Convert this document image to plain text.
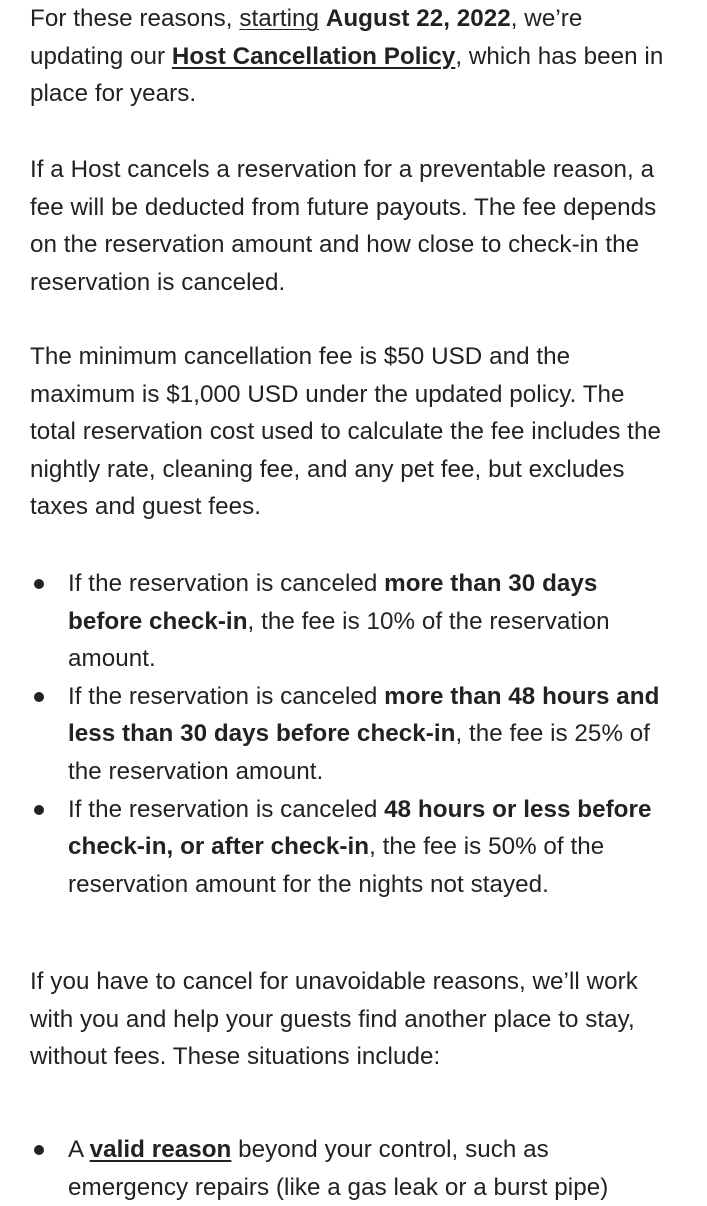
For these reasons, starting August 22, 2022, we’re updating our Host Cancellation Policy, which has been in place for years.

If a Host cancels a reservation for a preventable reason, a fee will be deducted from future payouts. The fee depends on the reservation amount and how close to check-in the reservation is canceled.

The minimum cancellation fee is $50 USD and the maximum is $1,000 USD under the updated policy. The total reservation cost used to calculate the fee includes the nightly rate, cleaning fee, and any pet fee, but excludes taxes and guest fees.

If the reservation is canceled more than 30 days before check-in, the fee is 10% of the reservation amount.
If the reservation is canceled more than 48 hours and less than 30 days before check-in, the fee is 25% of the reservation amount.
If the reservation is canceled 48 hours or less before check-in, or after check-in, the fee is 50% of the reservation amount for the nights not stayed.

If you have to cancel for unavoidable reasons, we’ll work with you and help your guests find another place to stay, without fees. These situations include:

A valid reason beyond your control, such as emergency repairs (like a gas leak or a burst pipe)
